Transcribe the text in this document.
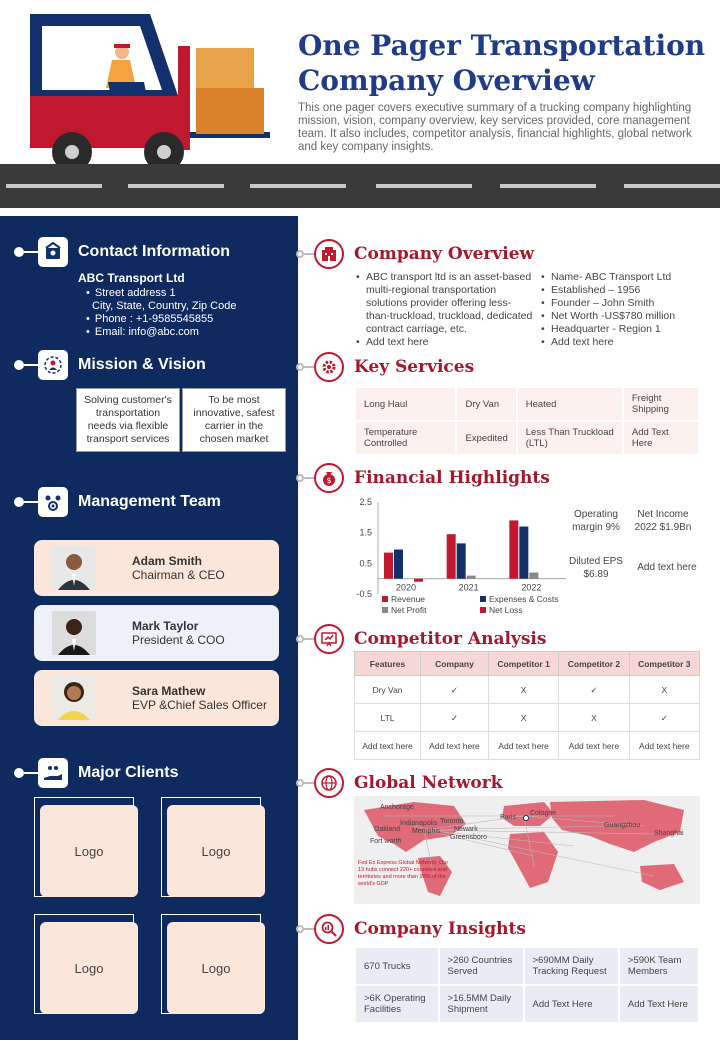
One Pager Transportation Company Overview
This one pager covers executive summary of a trucking company highlighting mission, vision, company overview, key services provided, core management team. It also includes, competitor analysis, financial highlights, global network and key company insights.
Contact Information
ABC Transport Ltd
• Street address 1
City, State, Country, Zip Code
• Phone : +1-9585545855
• Email: info@abc.com
Mission & Vision
Solving customer's transportation needs via flexible transport services
To be most innovative, safest carrier in the chosen market
Management Team
Adam Smith
Chairman & CEO
Mark Taylor
President & COO
Sara Mathew
EVP &Chief Sales Officer
Major Clients
Logo	Logo
Logo	Logo
Company Overview
• ABC transport ltd is an asset-based multi-regional transportation solutions provider offering less-than-truckload, truckload, dedicated contract carriage, etc.
• Add text here
• Name- ABC Transport Ltd
• Established – 1956
• Founder – John Smith
• Net Worth -US$780 million
• Headquarter - Region 1
• Add text here
Key Services
Long Haul	Dry Van	Heated	Freight Shipping
Temperature Controlled	Expedited	Less Than Truckload (LTL)	Add Text Here
$ Financial Highlights
2.5
1.5
0.5
-0.5
2020	2021	2022
Revenue	Expenses & Costs
Net Profit	Net Loss
Operating margin 9%
Net Income 2022 $1.9Bn
Diluted EPS $6.89
Add text here
Competitor Analysis
Features	Company	Competitor 1	Competitor 2	Competitor 3
Dry Van	✓	X	✓	X
LTL	✓	X	X	✓
Add text here	Add text here	Add text here	Add text here	Add text here
Global Network
Anchorage
Indianapolis Toronto
Oakland Memphis Newark
Fort worth
Greensboro
Paris
Cologne
Guangzhou
Shanghai
Fed Ex Express Global Network: Our 13 hubs connect 220+ countries and territories and more than 99% of the world's GDP
Company Insights
670 Trucks	>260 Countries Served	>690MM Daily Tracking Request	>590K Team Members
>6K Operating Facilities	>16.5MM Daily Shipment	Add Text Here	Add Text Here
